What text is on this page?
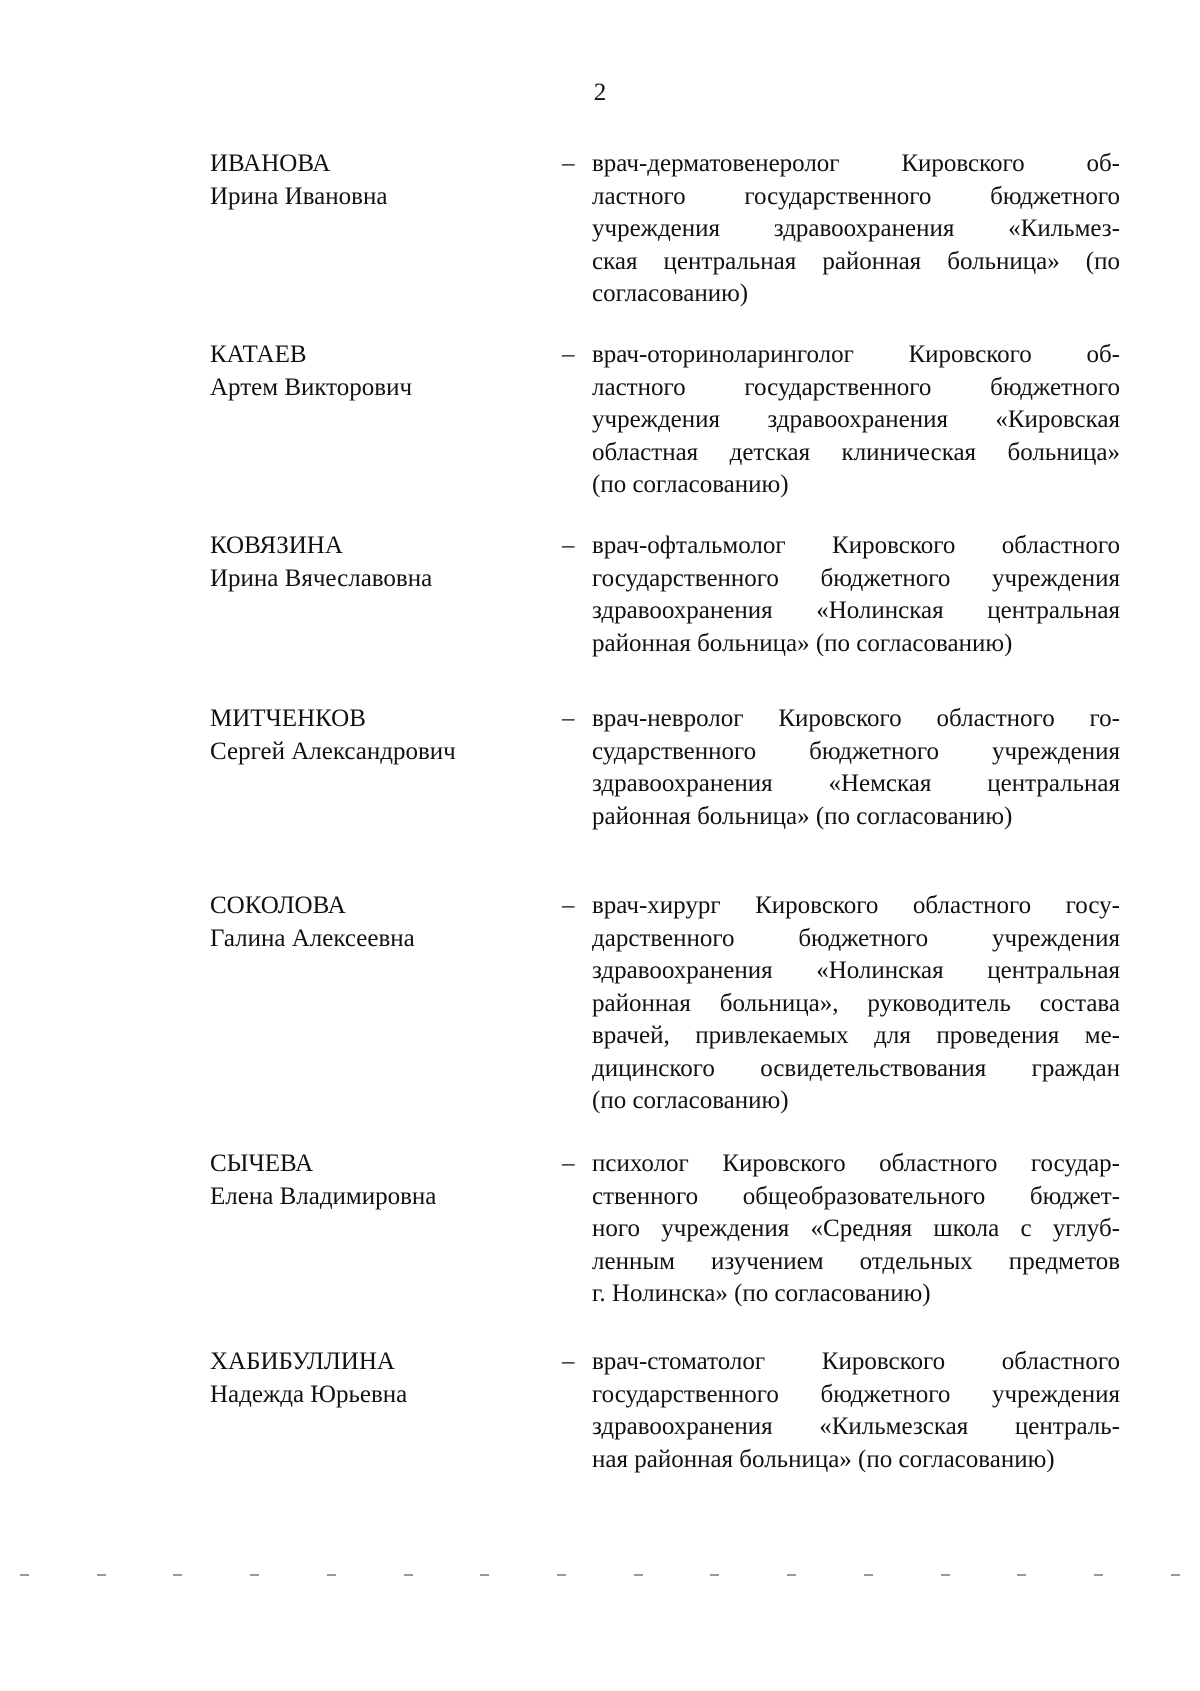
2
ИВАНОВА
Ирина Ивановна
– врач-дерматовенеролог Кировского об-
ластного государственного бюджетного
учреждения здравоохранения «Кильмез-
ская центральная районная больница» (по
согласованию)
КАТАЕВ
Артем Викторович
– врач-оториноларинголог Кировского об-
ластного государственного бюджетного
учреждения здравоохранения «Кировская
областная детская клиническая больница»
(по согласованию)
КОВЯЗИНА
Ирина Вячеславовна
– врач-офтальмолог Кировского областного
государственного бюджетного учреждения
здравоохранения «Нолинская центральная
районная больница» (по согласованию)
МИТЧЕНКОВ
Сергей Александрович
– врач-невролог Кировского областного го-
сударственного бюджетного учреждения
здравоохранения «Немская центральная
районная больница» (по согласованию)
СОКОЛОВА
Галина Алексеевна
– врач-хирург Кировского областного госу-
дарственного бюджетного учреждения
здравоохранения «Нолинская центральная
районная больница», руководитель состава
врачей, привлекаемых для проведения ме-
дицинского освидетельствования граждан
(по согласованию)
СЫЧЕВА
Елена Владимировна
– психолог Кировского областного государ-
ственного общеобразовательного бюджет-
ного учреждения «Средняя школа с углуб-
ленным изучением отдельных предметов
г. Нолинска» (по согласованию)
ХАБИБУЛЛИНА
Надежда Юрьевна
– врач-стоматолог Кировского областного
государственного бюджетного учреждения
здравоохранения «Кильмезская централь-
ная районная больница» (по согласованию)
